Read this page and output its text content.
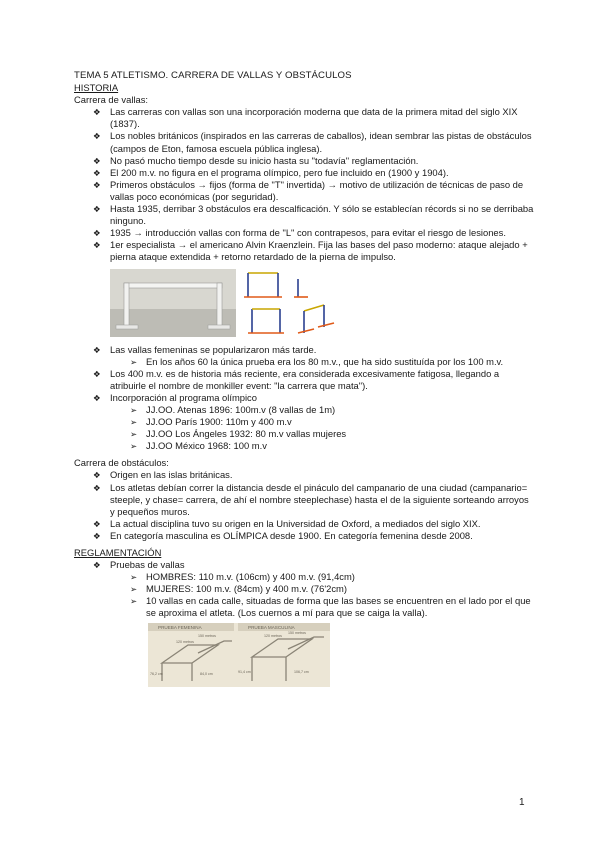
TEMA 5 ATLETISMO. CARRERA DE VALLAS Y OBSTÁCULOS
HISTORIA
Carrera de vallas:
❖ Las carreras con vallas son una incorporación moderna que data de la primera mitad del siglo XIX (1837).
❖ Los nobles británicos (inspirados en las carreras de caballos), idean sembrar las pistas de obstáculos (campos de Eton, famosa escuela pública inglesa).
❖ No pasó mucho tiempo desde su inicio hasta su "todavía" reglamentación.
❖ El 200 m.v. no figura en el programa olímpico, pero fue incluido en (1900 y 1904).
❖ Primeros obstáculos → fijos (forma de "T" invertida) → motivo de utilización de técnicas de paso de vallas poco económicas (por seguridad).
❖ Hasta 1935, derribar 3 obstáculos era descalficación. Y sólo se establecían récords si no se derribaba ninguno.
❖ 1935 → introducción vallas con forma de "L" con contrapesos, para evitar el riesgo de lesiones.
❖ 1er especialista → el americano Alvin Kraenzlein. Fija las bases del paso moderno: ataque alejado + pierna ataque extendida + retorno retardado de la pierna de impulso.
❖ Las vallas femeninas se popularizaron más tarde.
➢ En los años 60 la única prueba era los 80 m.v., que ha sido sustituída por los 100 m.v.
❖ Los 400 m.v. es de historia más reciente, era considerada excesivamente fatigosa, llegando a atribuirle el nombre de monkiller event: "la carrera que mata").
❖ Incorporación al programa olímpico
➢ JJ.OO. Atenas 1896: 100m.v (8 vallas de 1m)
➢ JJ.OO París 1900: 110m y 400 m.v
➢ JJ.OO Los Ángeles 1932: 80 m.v vallas mujeres
➢ JJ.OO México 1968: 100 m.v
Carrera de obstáculos:
❖ Origen en las islas británicas.
❖ Los atletas debían correr la distancia desde el pináculo del campanario de una ciudad (campanario= steeple, y chase= carrera, de ahí el nombre steeplechase) hasta el de la siguiente sorteando arroyos y pequeños muros.
❖ La actual disciplina tuvo su origen en la Universidad de Oxford, a mediados del siglo XIX.
❖ En categoría masculina es OLÍMPICA desde 1900. En categoría femenina desde 2008.
REGLAMENTACIÓN
❖ Pruebas de vallas
➢ HOMBRES: 110 m.v. (106cm) y 400 m.v. (91,4cm)
➢ MUJERES: 100 m.v. (84cm) y 400 m.v. (76'2cm)
➢ 10 vallas en cada calle, situadas de forma que las bases se encuentren en el lado por el que se aproxima el atleta. (Los cuernos a mí para que se caiga la valla).
PRUEBA FEMENINA	PRUEBA MASCULINA
120 metros
150 metros	120 metros
150 metros
76,2 cm	84,0 cm	91,4 cm	106,7 cm
1
